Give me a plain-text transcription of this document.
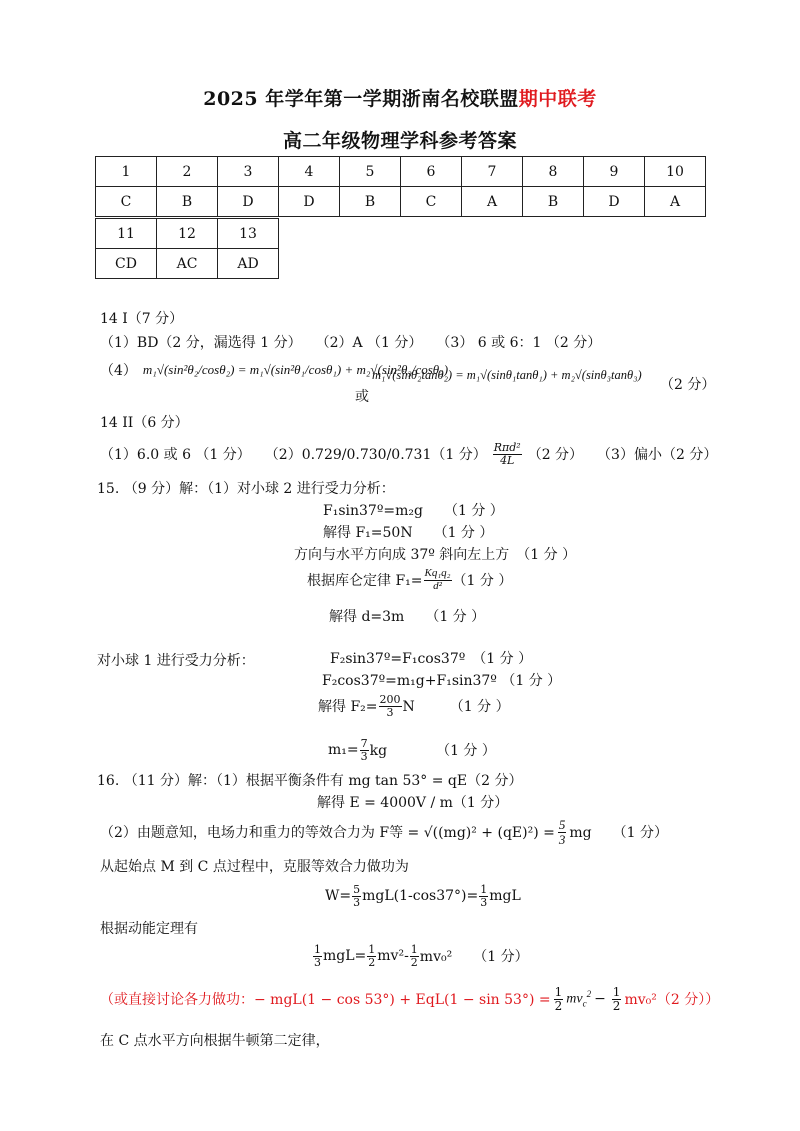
2025 年学年第一学期浙南名校联盟期中联考
高二年级物理学科参考答案
1	2	3	4	5	6	7	8	9	10
C	B	D	D	B	C	A	B	D	A
11	12	13
CD	AC	AD
14 I（7 分）
（1）BD（2 分，漏选得 1 分）　　（2）A （1 分）　　（3） 6 或 6：1 （2 分）
（4） m₁√(sin²θ₂/cosθ₂) = m₁√(sin²θ₁/cosθ₁) + m₂√(sin²θ₃/cosθ₃)
或
m₁√(sinθ₂tanθ₂) = m₁√(sinθ₁tanθ₁) + m₂√(sinθ₃tanθ₃)
（2 分）
14 II（6 分）
（1）6.0 或 6 （1 分）　　（2）0.729/0.730/0.731（1 分） $\frac{\text{Rπd²}}{4L} (2$ 分）　　（3）偏小（2 分）
15. （9 分）解：（1）对小球 2 进行受力分析：
F₁sin37º=m₂g　　（1 分 ）
解得 F₁=50N　　（1 分 ）
方向与水平方向成 37º 斜向左上方　（1 分 ）
根据库仑定律 $F_1= \frac{\text{Kq₁q₂}}{\text{d²}} (1$ 分 ）
解得 d=3m　　（1 分 ）
对小球 1 进行受力分析：	F₂sin37º=F₁cos37º　（1 分 ）
F₂cos37º=m₁g+F₁sin37º （1 分 ）
解得 $F_2= \frac{200}{3}$ N　　　（1 分 ）
$m_1= \frac{7}{3}$ kg　　　　（1 分 ）
16. （11 分）解：（1）根据平衡条件有 mg tan 53° = qE（2 分）
解得 E = 4000V / m（1 分）
（2）由题意知，电场力和重力的等效合力为 F等 = $√((mg)^2 + (qE)^2) = \frac{5}{3}$ mg　　（1 分）
从起始点 M 到 C 点过程中，克服等效合力做功为
$W= \frac{5}{3} mgL(1-\cos 37^\circ)= \frac{1}{3}$ mgL
根据动能定理有
$\frac{1}{3} mgL= \frac{1}{2} mv^2- \frac{1}{2} mv_0^2$　　（1 分）
（或直接讨论各力做功：− $mgL(1 - \cos 53^\circ) + EqL(1 - \sin 53^\circ) = \frac{1}{2} mv_c^2 - \frac{1}{2} mv_0^2(2$ 分））
在 C 点水平方向根据牛顿第二定律，
